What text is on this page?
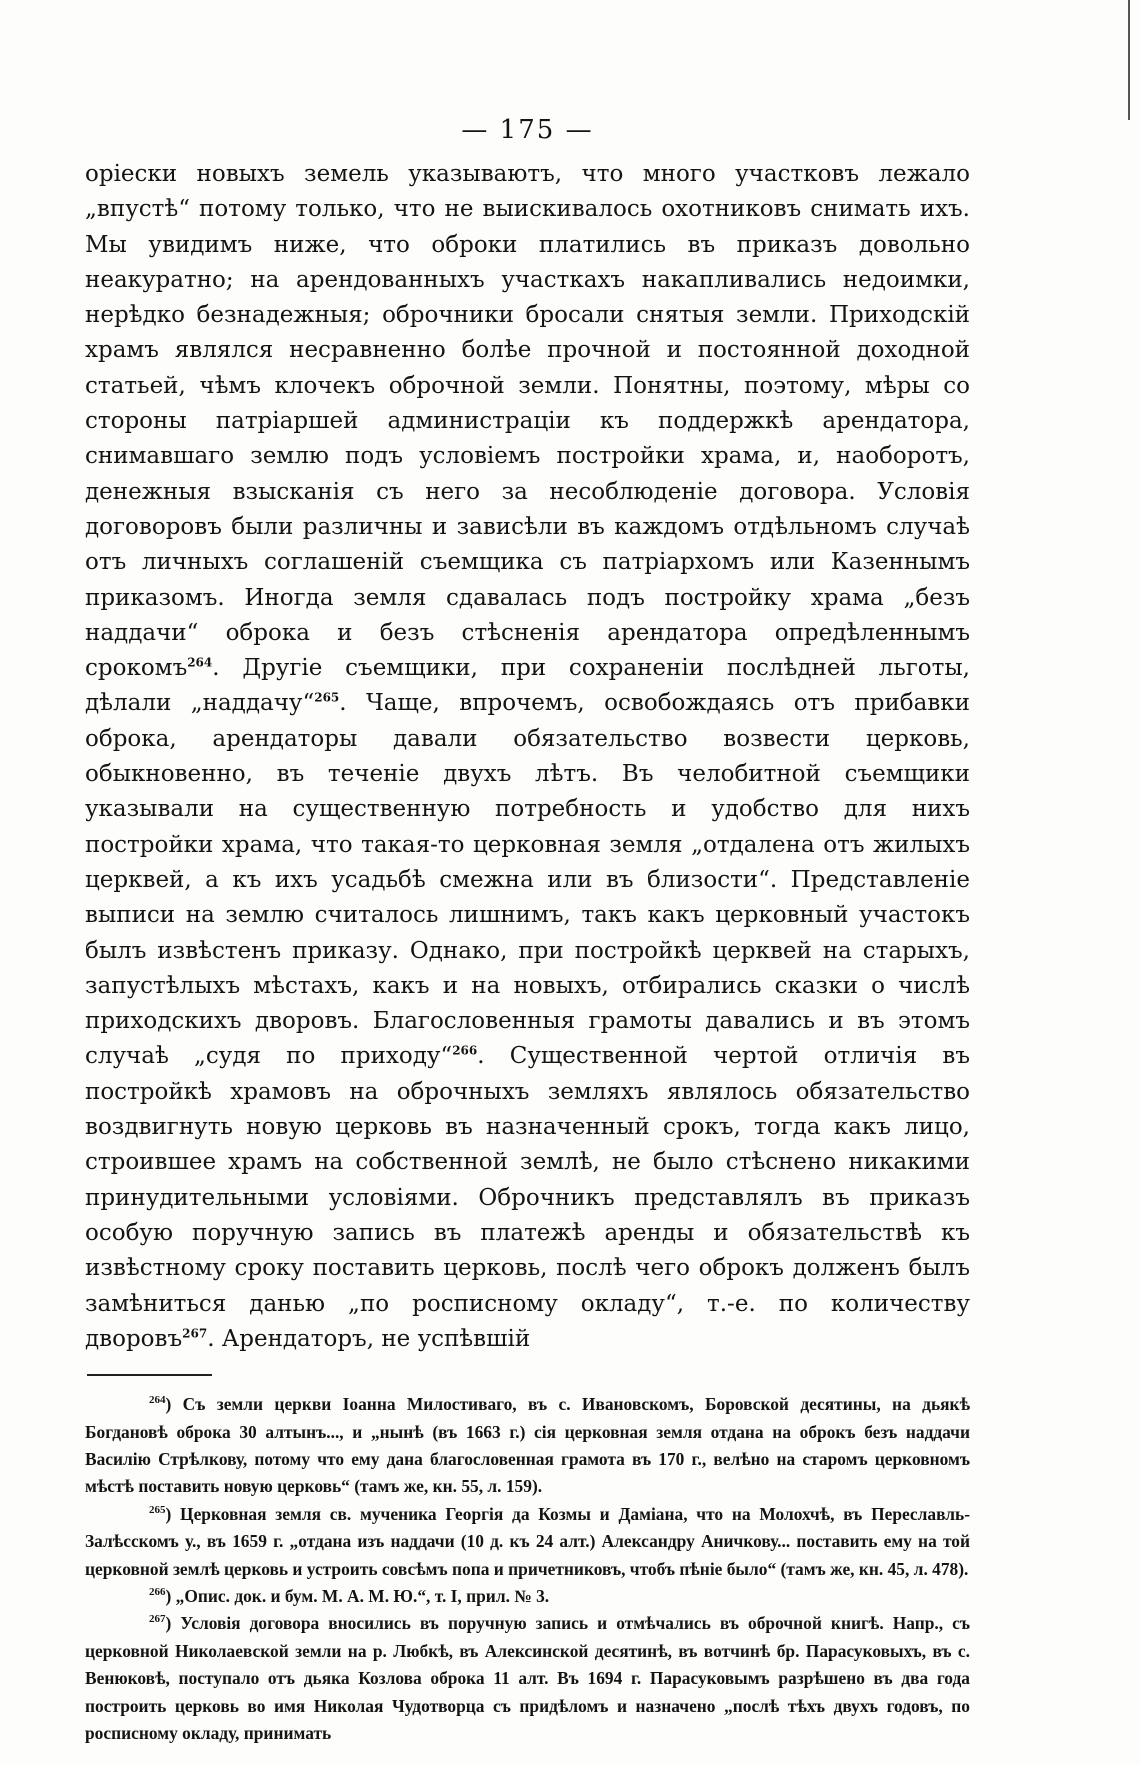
— 175 —

оріески новыхъ земель указываютъ, что много участковъ лежало „впустѣ“ потому только, что не выискивалось охотниковъ снимать ихъ. Мы увидимъ ниже, что оброки платились въ приказъ довольно неакуратно; на арендованныхъ участкахъ накапливались недоимки, нерѣдко безнадежныя; оброчники бросали снятыя земли. Приходскій храмъ являлся несравненно болѣе прочной и постоянной доходной статьей, чѣмъ клочекъ оброчной земли. Понятны, поэтому, мѣры со стороны патріаршей администраціи къ поддержкѣ арендатора, снимавшаго землю подъ условіемъ постройки храма, и, наоборотъ, денежныя взысканія съ него за несоблюденіе договора. Условія договоровъ были различны и зависѣли въ каждомъ отдѣльномъ случаѣ отъ личныхъ соглашеній съемщика съ патріархомъ или Казеннымъ приказомъ. Иногда земля сдавалась подъ постройку храма „безъ наддачи“ оброка и безъ стѣсненія арендатора опредѣленнымъ срокомъ$^{264}$. Другіе съемщики, при сохраненіи послѣдней льготы, дѣлали „наддачу“$^{265}$. Чаще, впрочемъ, освобождаясь отъ прибавки оброка, арендаторы давали обязательство возвести церковь, обыкновенно, въ теченіе двухъ лѣтъ. Въ челобитной съемщики указывали на существенную потребность и удобство для нихъ постройки храма, что такая-то церковная земля „отдалена отъ жилыхъ церквей, а къ ихъ усадьбѣ смежна или въ близости“. Представленіе выписи на землю считалось лишнимъ, такъ какъ церковный участокъ былъ извѣстенъ приказу. Однако, при постройкѣ церквей на старыхъ, запустѣлыхъ мѣстахъ, какъ и на новыхъ, отбирались сказки о числѣ приходскихъ дворовъ. Благословенныя грамоты давались и въ этомъ случаѣ „судя по приходу“$^{266}$. Существенной чертой отличія въ постройкѣ храмовъ на оброчныхъ земляхъ являлось обязательство воздвигнуть новую церковь въ назначенный срокъ, тогда какъ лицо, строившее храмъ на собственной землѣ, не было стѣснено никакими принудительными условіями. Оброчникъ представлялъ въ приказъ особую поручную запись въ платежѣ аренды и обязательствѣ къ извѣстному сроку поставить церковь, послѣ чего оброкъ долженъ былъ замѣниться данью „по росписному окладу“, т.-е. по количеству дворовъ$^{267}$. Арендаторъ, не успѣвшій

$^{264}$) Съ земли церкви Іоанна Милостиваго, въ с. Ивановскомъ, Боровской десятины, на дьякѣ Богдановѣ оброка 30 алтынъ..., и „нынѣ (въ 1663 г.) сія церковная земля отдана на оброкъ безъ наддачи Василію Стрѣлкову, потому что ему дана благословенная грамота въ 170 г., велѣно на старомъ церковномъ мѣстѣ поставить новую церковь“ (тамъ же, кн. 55, л. 159).

$^{265}$) Церковная земля св. мученика Георгія да Козмы и Даміана, что на Молохчѣ, въ Переславль-Залѣсскомъ у., въ 1659 г. „отдана изъ наддачи (10 д. къ 24 алт.) Александру Аничкову... поставить ему на той церковной землѣ церковь и устроить совсѣмъ попа и причетниковъ, чтобъ пѣніе было“ (тамъ же, кн. 45, л. 478).

$^{266}$) „Опис. док. и бум. М. А. М. Ю.“, т. I, прил. № 3.

$^{267}$) Условія договора вносились въ поручную запись и отмѣчались въ оброчной книгѣ. Напр., съ церковной Николаевской земли на р. Любкѣ, въ Алексинской десятинѣ, въ вотчинѣ бр. Парасуковыхъ, въ с. Венюковѣ, поступало отъ дьяка Козлова оброка 11 алт. Въ 1694 г. Парасуковымъ разрѣшено въ два года построить церковь во имя Николая Чудотворца съ придѣломъ и назначено „послѣ тѣхъ двухъ годовъ, по росписному окладу, принимать
